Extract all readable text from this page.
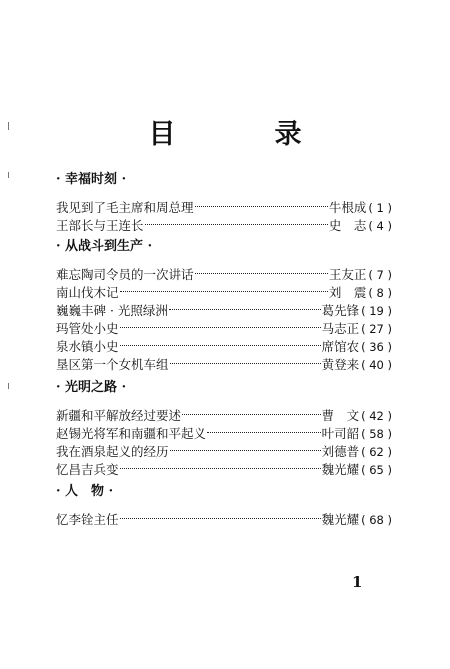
目　录
· 幸福时刻 ·
我见到了毛主席和周总理	牛根成 ( 1 )
王部长与王连长	史　志 ( 4 )
· 从战斗到生产 ·
难忘陶司令员的一次讲话	王友正 ( 7 )
南山伐木记	刘　震 ( 8 )
巍巍丰碑 · 光照绿洲	葛先锋 ( 19 )
玛管处小史	马志正 ( 27 )
泉水镇小史	席馆农 ( 36 )
垦区第一个女机车组	黄登来 ( 40 )
· 光明之路 ·
新疆和平解放经过要述	曹　文 ( 42 )
赵锡光将军和南疆和平起义	叶司韶 ( 58 )
我在酒泉起义的经历	刘德普 ( 62 )
忆昌吉兵变	魏光耀 ( 65 )
· 人　物 ·
忆李铨主任	魏光耀 ( 68 )
1
